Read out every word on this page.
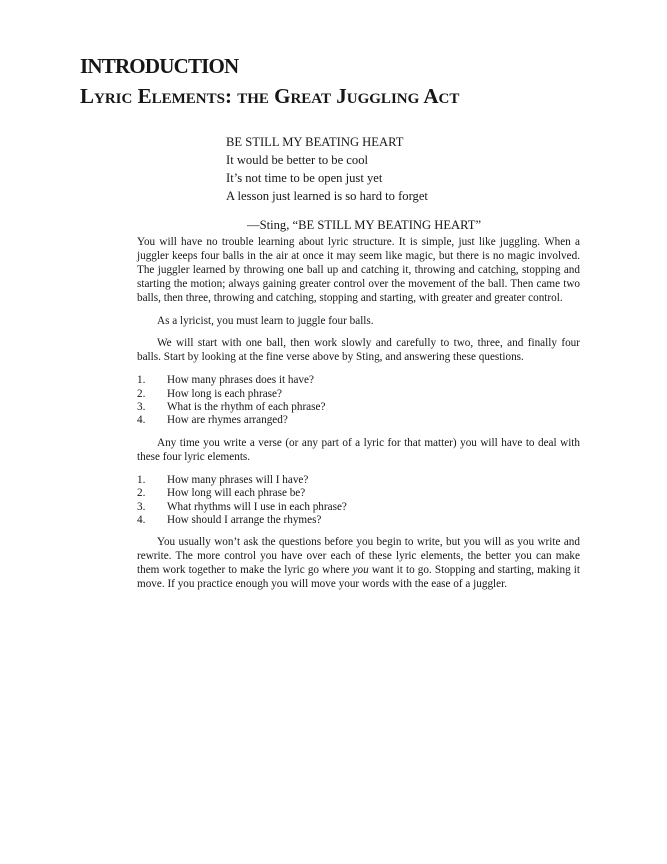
INTRODUCTION
Lyric Elements: the Great Juggling Act
BE STILL MY BEATING HEART
It would be better to be cool
It’s not time to be open just yet
A lesson just learned is so hard to forget
—Sting, “BE STILL MY BEATING HEART”

You will have no trouble learning about lyric structure. It is simple, just like juggling. When a juggler keeps four balls in the air at once it may seem like magic, but there is no magic involved. The juggler learned by throwing one ball up and catching it, throwing and catching, stopping and starting the motion; always gaining greater control over the movement of the ball. Then came two balls, then three, throwing and catching, stopping and starting, with greater and greater control.

As a lyricist, you must learn to juggle four balls.

We will start with one ball, then work slowly and carefully to two, three, and finally four balls. Start by looking at the fine verse above by Sting, and answering these questions.

1.	How many phrases does it have?
2.	How long is each phrase?
3.	What is the rhythm of each phrase?
4.	How are rhymes arranged?

Any time you write a verse (or any part of a lyric for that matter) you will have to deal with these four lyric elements.

1.	How many phrases will I have?
2.	How long will each phrase be?
3.	What rhythms will I use in each phrase?
4.	How should I arrange the rhymes?

You usually won’t ask the questions before you begin to write, but you will as you write and rewrite. The more control you have over each of these lyric elements, the better you can make them work together to make the lyric go where you want it to go. Stopping and starting, making it move. If you practice enough you will move your words with the ease of a juggler.
